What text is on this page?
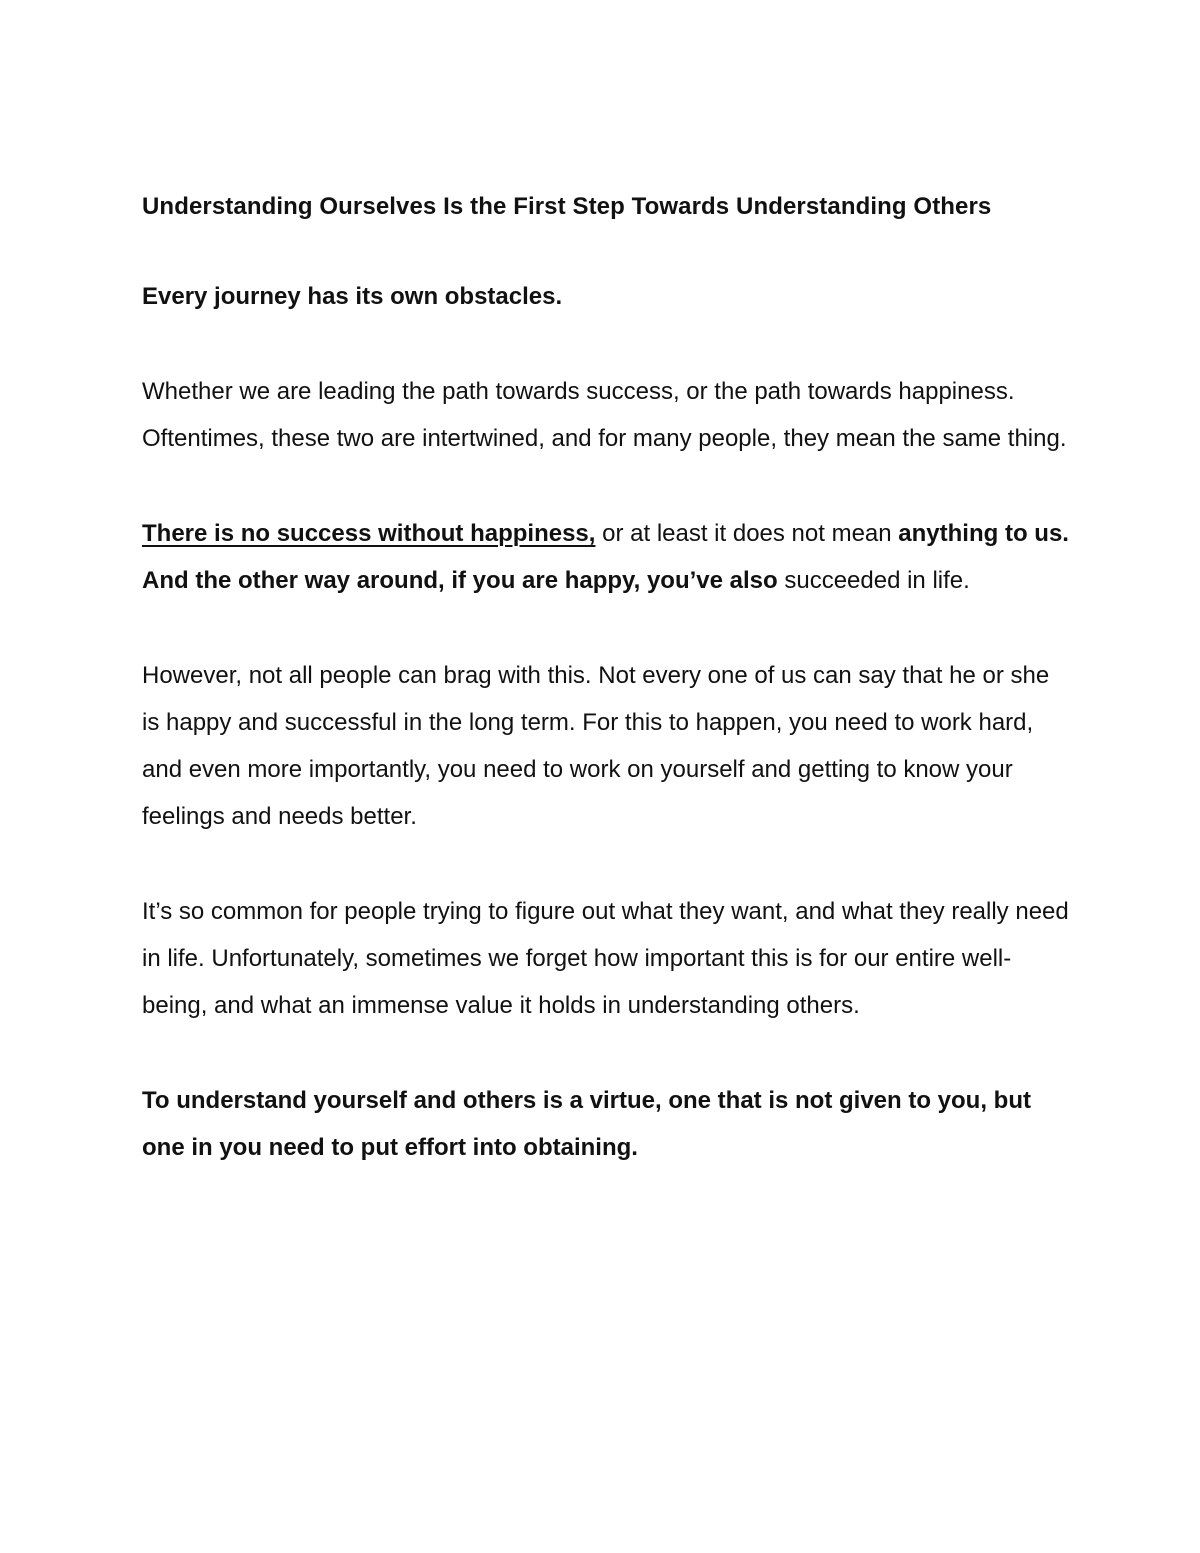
Understanding Ourselves Is the First Step Towards Understanding Others

Every journey has its own obstacles.

Whether we are leading the path towards success, or the path towards happiness. Oftentimes, these two are intertwined, and for many people, they mean the same thing.

There is no success without happiness, or at least it does not mean anything to us. And the other way around, if you are happy, you’ve also succeeded in life.

However, not all people can brag with this. Not every one of us can say that he or she is happy and successful in the long term. For this to happen, you need to work hard, and even more importantly, you need to work on yourself and getting to know your feelings and needs better.

It’s so common for people trying to figure out what they want, and what they really need in life. Unfortunately, sometimes we forget how important this is for our entire well-being, and what an immense value it holds in understanding others.

To understand yourself and others is a virtue, one that is not given to you, but one in you need to put effort into obtaining.
